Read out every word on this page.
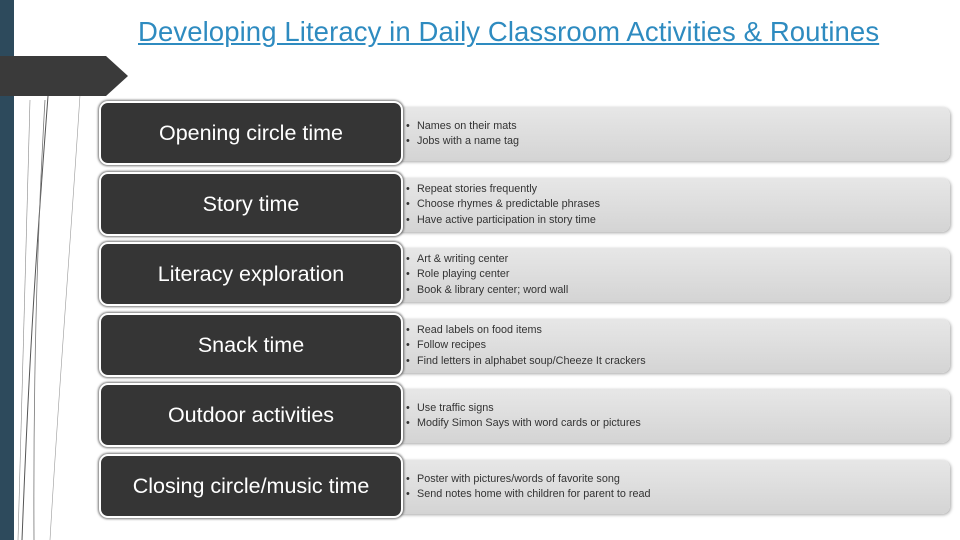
Developing Literacy in Daily Classroom Activities & Routines
• Names on their mats
• Jobs with a name tag
Opening circle time
• Repeat stories frequently
• Choose rhymes & predictable phrases
• Have active participation in story time
Story time
• Art & writing center
• Role playing center
• Book & library center; word wall
Literacy exploration
• Read labels on food items
• Follow recipes
• Find letters in alphabet soup/Cheeze It crackers
Snack time
• Use traffic signs
• Modify Simon Says with word cards or pictures
Outdoor activities
• Poster with pictures/words of favorite song
• Send notes home with children for parent to read
Closing circle/music time
